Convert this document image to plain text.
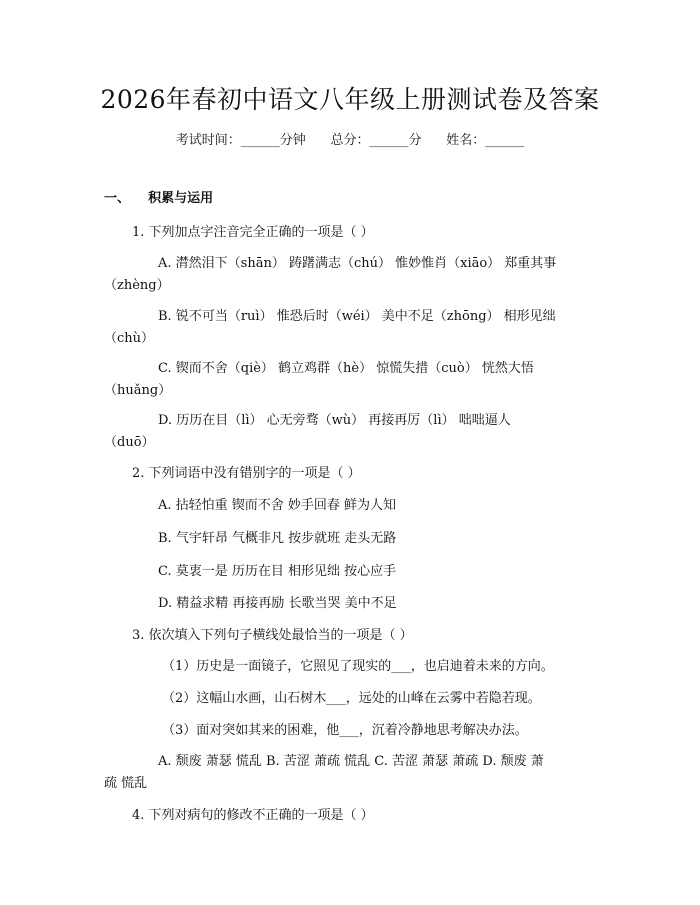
2026年春初中语文八年级上册测试卷及答案
考试时间：______分钟      总分：______分      姓名：______
一、    积累与运用
1. 下列加点字注音完全正确的一项是（ ）
A. 潸然泪下（shān） 踌躇满志（chú） 惟妙惟肖（xiāo） 郑重其事
（zhèng）
B. 锐不可当（ruì） 惟恐后时（wéi） 美中不足（zhōng） 相形见绌
（chù）
C. 锲而不舍（qiè） 鹤立鸡群（hè） 惊慌失措（cuò） 恍然大悟
（huǎng）
D. 历历在目（lì） 心无旁骛（wù） 再接再厉（lì） 咄咄逼人
（duō）
2. 下列词语中没有错别字的一项是（ ）
A. 拈轻怕重 锲而不舍 妙手回春 鲜为人知
B. 气宇轩昂 气概非凡 按步就班 走头无路
C. 莫衷一是 历历在目 相形见绌 按心应手
D. 精益求精 再接再励 长歌当哭 美中不足
3. 依次填入下列句子横线处最恰当的一项是（ ）
（1）历史是一面镜子，它照见了现实的___，也启迪着未来的方向。
（2）这幅山水画，山石树木___，远处的山峰在云雾中若隐若现。
（3）面对突如其来的困难，他___，沉着冷静地思考解决办法。
A. 颓废 萧瑟 慌乱 B. 苦涩 萧疏 慌乱 C. 苦涩 萧瑟 萧疏 D. 颓废 萧
疏 慌乱
4. 下列对病句的修改不正确的一项是（ ）
